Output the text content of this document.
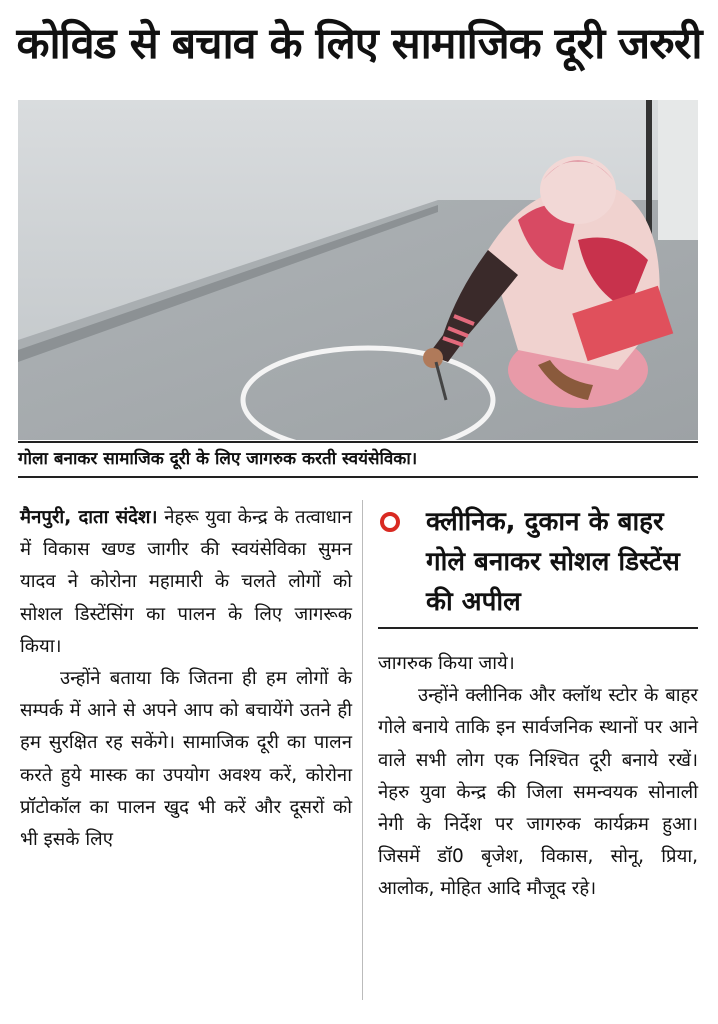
कोविड से बचाव के लिए सामाजिक दूरी जरुरी
गोला बनाकर सामाजिक दूरी के लिए जागरुक करती स्वयंसेविका।

मैनपुरी, दाता संदेश। नेहरू युवा केन्द्र के तत्वाधान में विकास खण्ड जागीर की स्वयंसेविका सुमन यादव ने कोरोना महामारी के चलते लोगों को सोशल डिस्टेंसिंग का पालन के लिए जागरूक किया।

उन्होंने बताया कि जितना ही हम लोगों के सम्पर्क में आने से अपने आप को बचायेंगे उतने ही हम सुरक्षित रह सकेंगे। सामाजिक दूरी का पालन करते हुये मास्क का उपयोग अवश्य करें, कोरोना प्रॉटोकॉल का पालन खुद भी करें और दूसरों को भी इसके लिए

क्लीनिक, दुकान के बाहर गोले बनाकर सोशल डिस्टेंस की अपील

जागरुक किया जाये।

उन्होंने क्लीनिक और क्लॉथ स्टोर के बाहर गोले बनाये ताकि इन सार्वजनिक स्थानों पर आने वाले सभी लोग एक निश्चित दूरी बनाये रखें। नेहरु युवा केन्द्र की जिला समन्वयक सोनाली नेगी के निर्देश पर जागरुक कार्यक्रम हुआ। जिसमें डॉ0 बृजेश, विकास, सोनू, प्रिया, आलोक, मोहित आदि मौजूद रहे।
